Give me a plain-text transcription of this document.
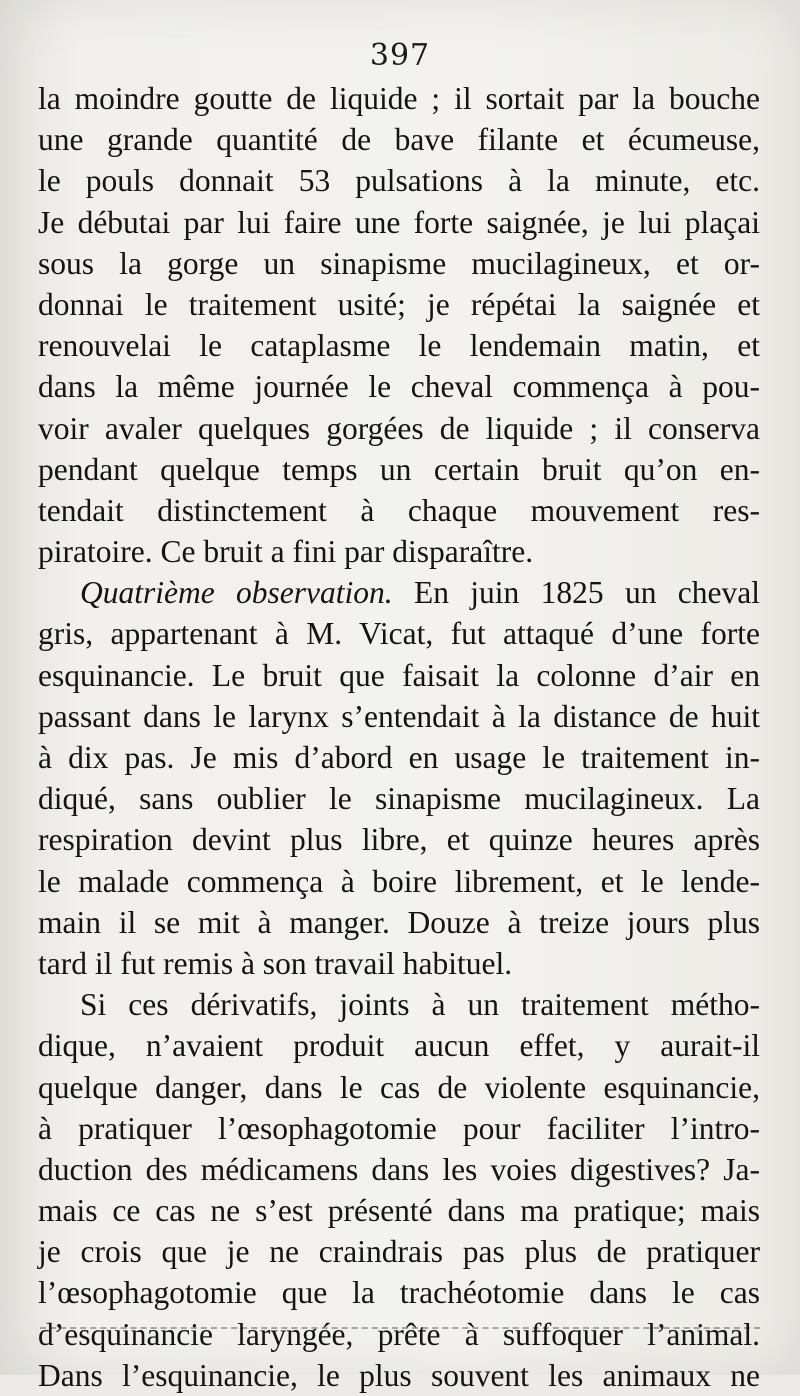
397
la moindre goutte de liquide ; il sortait par la bouche
une grande quantité de bave filante et écumeuse,
le pouls donnait 53 pulsations à la minute, etc.
Je débutai par lui faire une forte saignée, je lui plaçai
sous la gorge un sinapisme mucilagineux, et or-
donnai le traitement usité; je répétai la saignée et
renouvelai le cataplasme le lendemain matin, et
dans la même journée le cheval commença à pou-
voir avaler quelques gorgées de liquide ; il conserva
pendant quelque temps un certain bruit qu’on en-
tendait distinctement à chaque mouvement res-
piratoire. Ce bruit a fini par disparaître.
Quatrième observation. En juin 1825 un cheval
gris, appartenant à M. Vicat, fut attaqué d’une forte
esquinancie. Le bruit que faisait la colonne d’air en
passant dans le larynx s’entendait à la distance de huit
à dix pas. Je mis d’abord en usage le traitement in-
diqué, sans oublier le sinapisme mucilagineux. La
respiration devint plus libre, et quinze heures après
le malade commença à boire librement, et le lende-
main il se mit à manger. Douze à treize jours plus
tard il fut remis à son travail habituel.
Si ces dérivatifs, joints à un traitement métho-
dique, n’avaient produit aucun effet, y aurait-il
quelque danger, dans le cas de violente esquinancie,
à pratiquer l’œsophagotomie pour faciliter l’intro-
duction des médicamens dans les voies digestives? Ja-
mais ce cas ne s’est présenté dans ma pratique; mais
je crois que je ne craindrais pas plus de pratiquer
l’œsophagotomie que la trachéotomie dans le cas
d’esquinancie laryngée, prête à suffoquer l’animal.
Dans l’esquinancie, le plus souvent les animaux ne
